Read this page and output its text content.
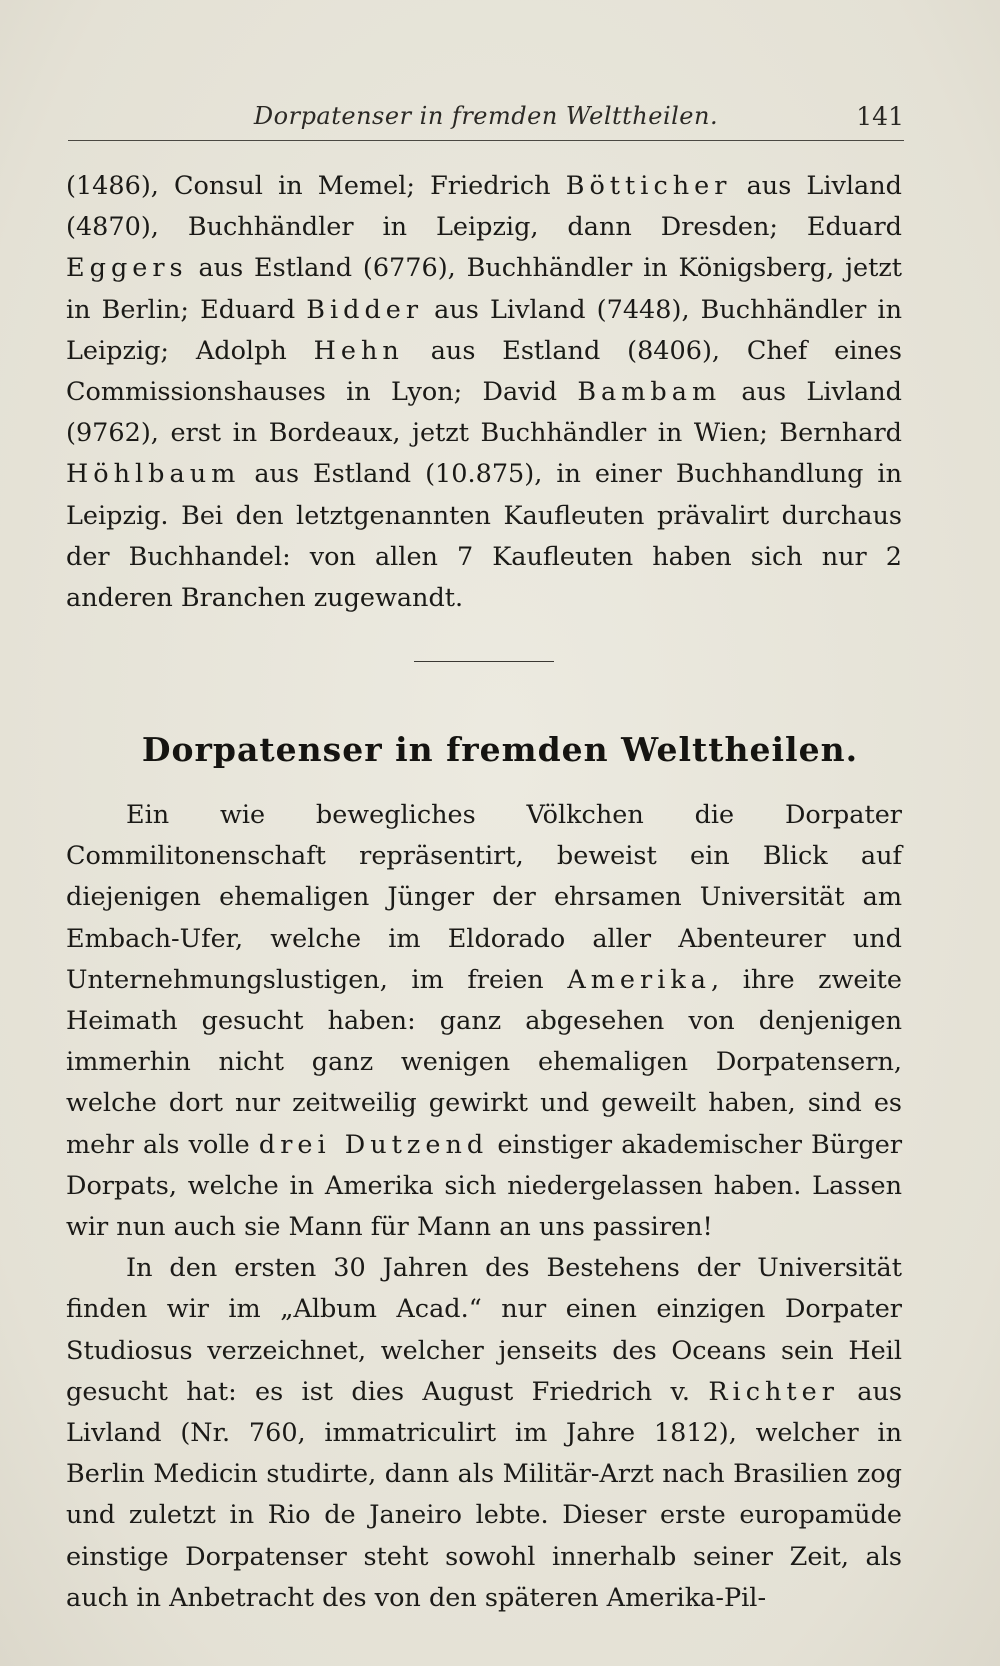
Dorpatenser in fremden Welttheilen.	141

(1486), Consul in Memel; Friedrich Bötticher aus Livland (4870), Buchhändler in Leipzig, dann Dresden; Eduard Eggers aus Estland (6776), Buchhändler in Königsberg, jetzt in Berlin; Eduard Bidder aus Livland (7448), Buchhändler in Leipzig; Adolph Hehn aus Estland (8406), Chef eines Commissionshauses in Lyon; David Bambam aus Livland (9762), erst in Bordeaux, jetzt Buchhändler in Wien; Bernhard Höhlbaum aus Estland (10.875), in einer Buchhandlung in Leipzig. Bei den letztgenannten Kaufleuten prävalirt durchaus der Buchhandel: von allen 7 Kaufleuten haben sich nur 2 anderen Branchen zugewandt.

Dorpatenser in fremden Welttheilen.

Ein wie bewegliches Völkchen die Dorpater Commilitonenschaft repräsentirt, beweist ein Blick auf diejenigen ehemaligen Jünger der ehrsamen Universität am Embach-Ufer, welche im Eldorado aller Abenteurer und Unternehmungslustigen, im freien Amerika, ihre zweite Heimath gesucht haben: ganz abgesehen von denjenigen immerhin nicht ganz wenigen ehemaligen Dorpatensern, welche dort nur zeitweilig gewirkt und geweilt haben, sind es mehr als volle drei Dutzend einstiger akademischer Bürger Dorpats, welche in Amerika sich niedergelassen haben. Lassen wir nun auch sie Mann für Mann an uns passiren!

In den ersten 30 Jahren des Bestehens der Universität finden wir im „Album Acad.“ nur einen einzigen Dorpater Studiosus verzeichnet, welcher jenseits des Oceans sein Heil gesucht hat: es ist dies August Friedrich v. Richter aus Livland (Nr. 760, immatriculirt im Jahre 1812), welcher in Berlin Medicin studirte, dann als Militär-Arzt nach Brasilien zog und zuletzt in Rio de Janeiro lebte. Dieser erste europamüde einstige Dorpatenser steht sowohl innerhalb seiner Zeit, als auch in Anbetracht des von den späteren Amerika-Pil-
